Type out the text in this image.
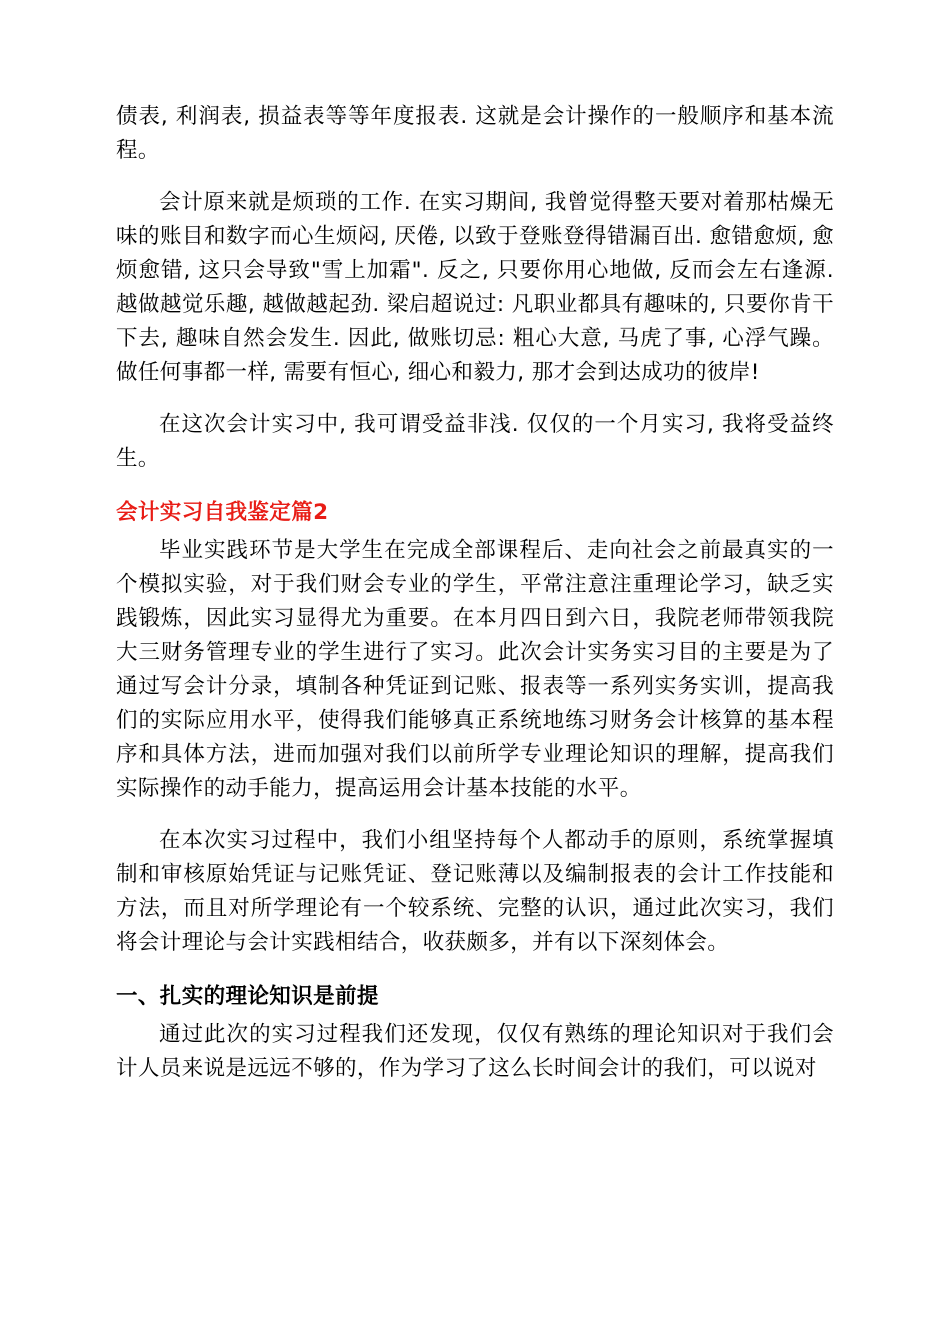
债表, 利润表, 损益表等等年度报表. 这就是会计操作的一般顺序和基本流程。

会计原来就是烦琐的工作. 在实习期间, 我曾觉得整天要对着那枯燥无味的账目和数字而心生烦闷, 厌倦, 以致于登账登得错漏百出. 愈错愈烦, 愈烦愈错, 这只会导致"雪上加霜". 反之, 只要你用心地做, 反而会左右逢源. 越做越觉乐趣, 越做越起劲. 梁启超说过: 凡职业都具有趣味的, 只要你肯干下去, 趣味自然会发生. 因此, 做账切忌: 粗心大意, 马虎了事, 心浮气躁。做任何事都一样, 需要有恒心, 细心和毅力, 那才会到达成功的彼岸!

在这次会计实习中, 我可谓受益非浅. 仅仅的一个月实习, 我将受益终生。

会计实习自我鉴定篇2

毕业实践环节是大学生在完成全部课程后、走向社会之前最真实的一个模拟实验，对于我们财会专业的学生，平常注意注重理论学习，缺乏实践锻炼，因此实习显得尤为重要。在本月四日到六日，我院老师带领我院大三财务管理专业的学生进行了实习。此次会计实务实习目的主要是为了通过写会计分录，填制各种凭证到记账、报表等一系列实务实训，提高我们的实际应用水平，使得我们能够真正系统地练习财务会计核算的基本程序和具体方法，进而加强对我们以前所学专业理论知识的理解，提高我们实际操作的动手能力，提高运用会计基本技能的水平。

在本次实习过程中，我们小组坚持每个人都动手的原则，系统掌握填制和审核原始凭证与记账凭证、登记账薄以及编制报表的会计工作技能和方法，而且对所学理论有一个较系统、完整的认识，通过此次实习，我们将会计理论与会计实践相结合，收获颇多，并有以下深刻体会。

一、扎实的理论知识是前提

通过此次的实习过程我们还发现，仅仅有熟练的理论知识对于我们会计人员来说是远远不够的，作为学习了这么长时间会计的我们，可以说对
